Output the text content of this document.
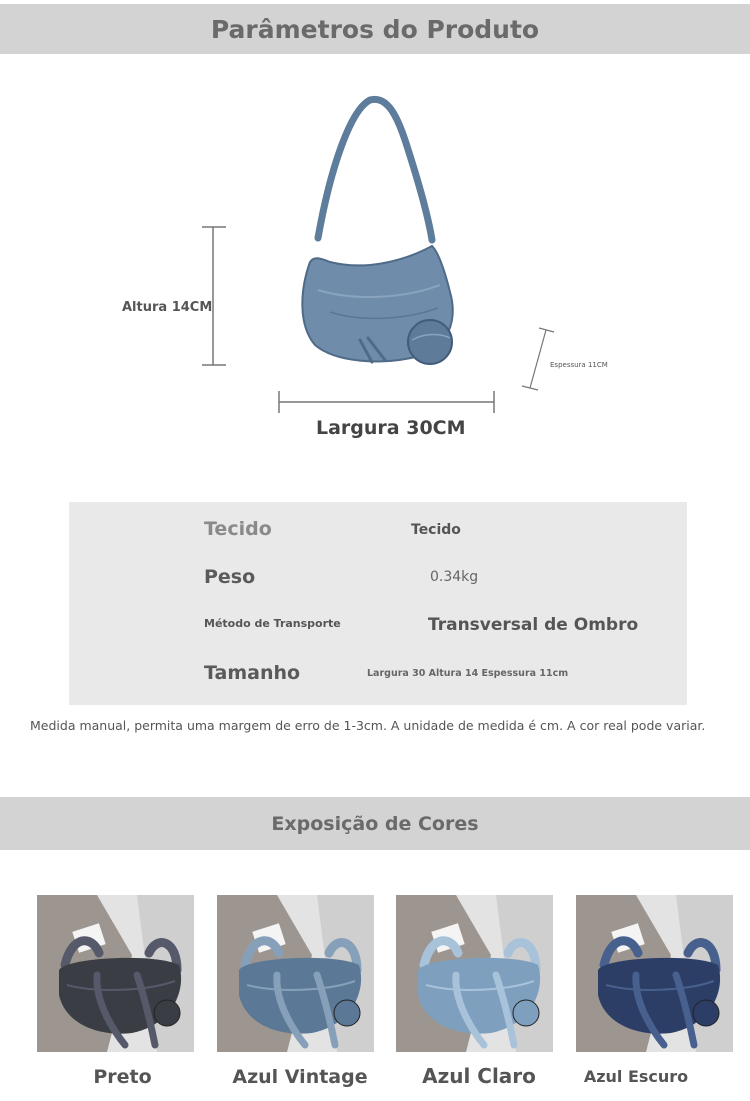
Parâmetros do Produto
Altura 14CM
Largura 30CM
Espessura 11CM
Tecido	Tecido
Peso	0.34kg
Método de Transporte	Transversal de Ombro
Tamanho	Largura 30 Altura 14 Espessura 11cm
Medida manual, permita uma margem de erro de 1-3cm. A unidade de medida é cm. A cor real pode variar.
Exposição de Cores
Preto	Azul Vintage	Azul Claro	Azul Escuro
